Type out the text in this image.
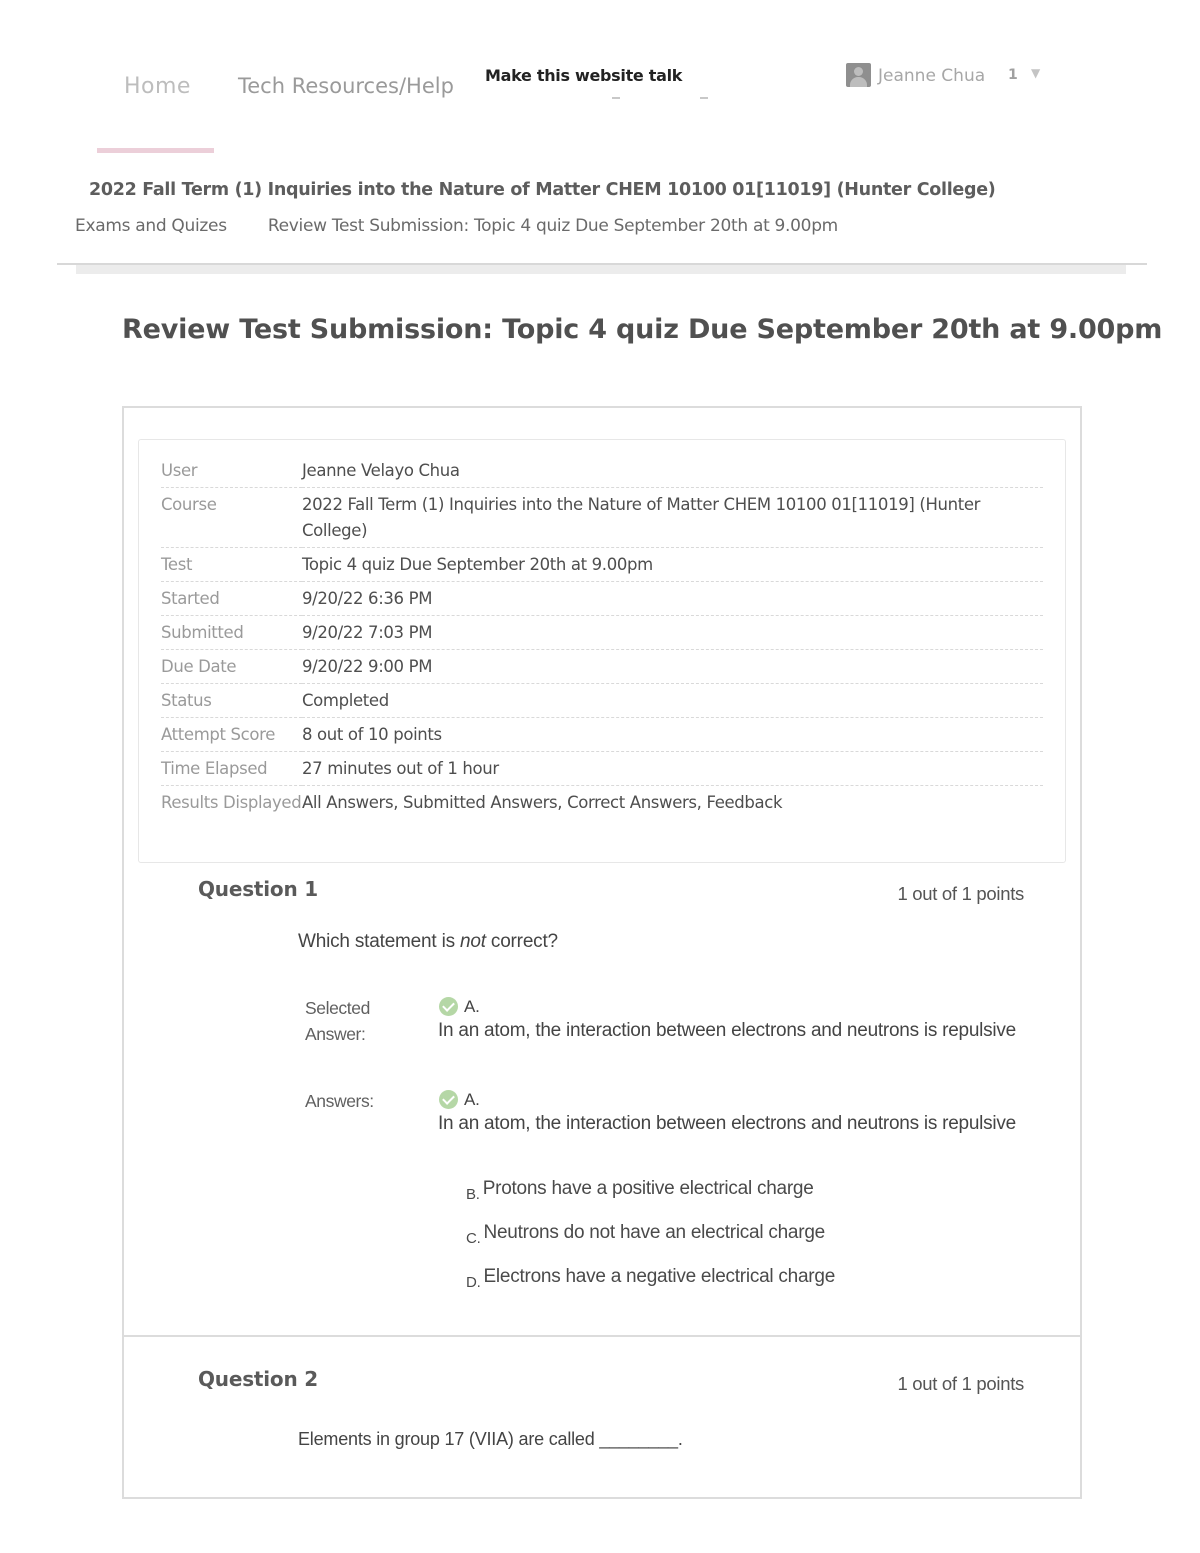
Home Tech Resources/Help Make this website talk	Jeanne Chua 1 ▼
2022 Fall Term (1) Inquiries into the Nature of Matter CHEM 10100 01[11019] (Hunter College)
Exams and Quizes Review Test Submission: Topic 4 quiz Due September 20th at 9.00pm
Review Test Submission: Topic 4 quiz Due September 20th at 9.00pm
User	Jeanne Velayo Chua
Course	2022 Fall Term (1) Inquiries into the Nature of Matter CHEM 10100 01[11019] (Hunter College)
Test	Topic 4 quiz Due September 20th at 9.00pm
Started	9/20/22 6:36 PM
Submitted	9/20/22 7:03 PM
Due Date	9/20/22 9:00 PM
Status	Completed
Attempt Score	8 out of 10 points
Time Elapsed	27 minutes out of 1 hour
Results Displayed	All Answers, Submitted Answers, Correct Answers, Feedback
Question 1	1 out of 1 points

Which statement is not correct?

Selected Answer:
A.
In an atom, the interaction between electrons and neutrons is repulsive
Answers:	A.
In an atom, the interaction between electrons and neutrons is repulsive
B. Protons have a positive electrical charge
C. Neutrons do not have an electrical charge
D. Electrons have a negative electrical charge
Question 2	1 out of 1 points

Elements in group 17 (VIIA) are called ________.
